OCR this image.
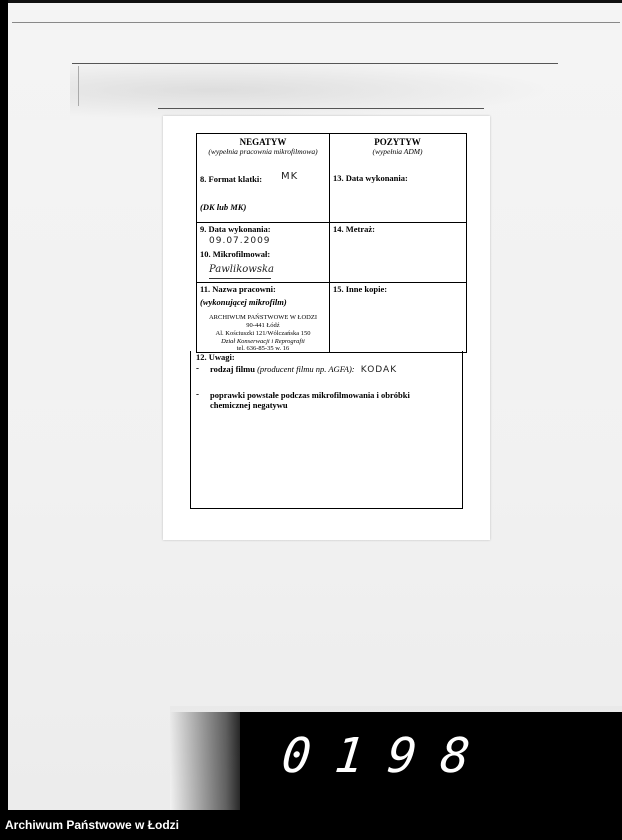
NEGATYW
(wypełnia pracownia mikrofilmowa)
POZYTYW
(wypełnia ADM)
8. Format klatki: MK
(DK lub MK)
13. Data wykonania:
9. Data wykonania:
09.07.2009
10. Mikrofilmował:
Pawlikowska
14. Metraż:
11. Nazwa pracowni:
(wykonującej mikrofilm)
ARCHIWUM PAŃSTWOWE W ŁODZI
90-441 Łódź
Al. Kościuszki 121/Wólczańska 150
Dział Konserwacji i Reprografii
tel. 636-85-35 w. 16
15. Inne kopie:
12. Uwagi:
- rodzaj filmu (producent filmu np. AGFA): KODAK
- poprawki powstałe podczas mikrofilmowania i obróbki
chemicznej negatywu
0198
Archiwum Państwowe w Łodzi
